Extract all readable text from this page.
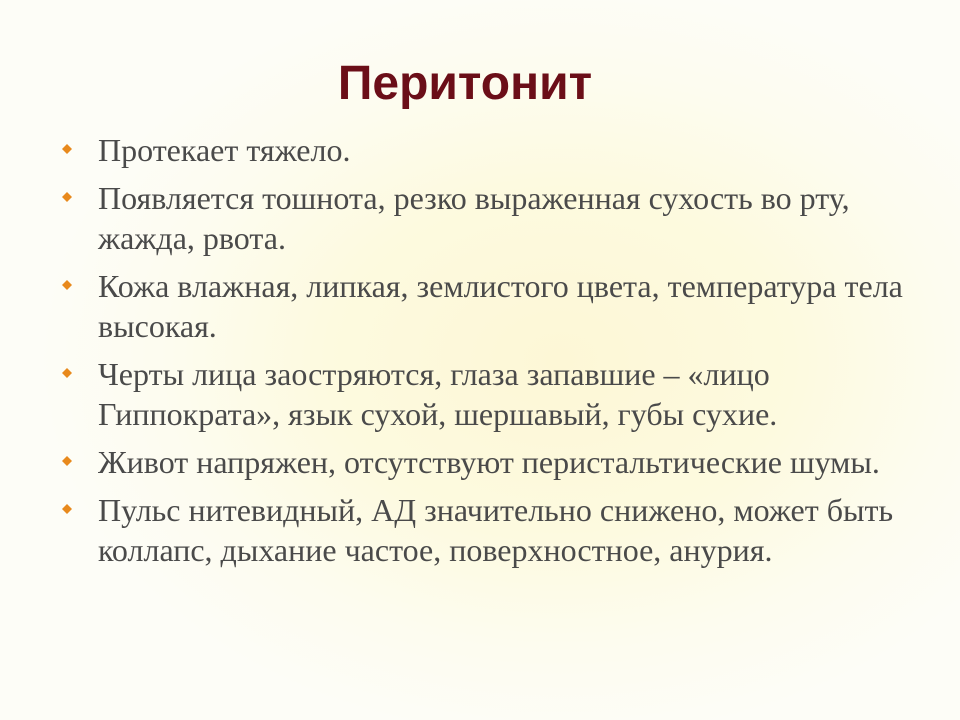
Перитонит
Протекает тяжело.
Появляется тошнота, резко выраженная сухость во рту, жажда, рвота.
Кожа влажная, липкая, землистого цвета, температура тела высокая.
Черты лица заостряются, глаза запавшие – «лицо Гиппократа», язык сухой, шершавый, губы сухие.
Живот напряжен, отсутствуют перистальтические шумы.
Пульс нитевидный, АД значительно снижено, может быть коллапс, дыхание частое, поверхностное, анурия.
